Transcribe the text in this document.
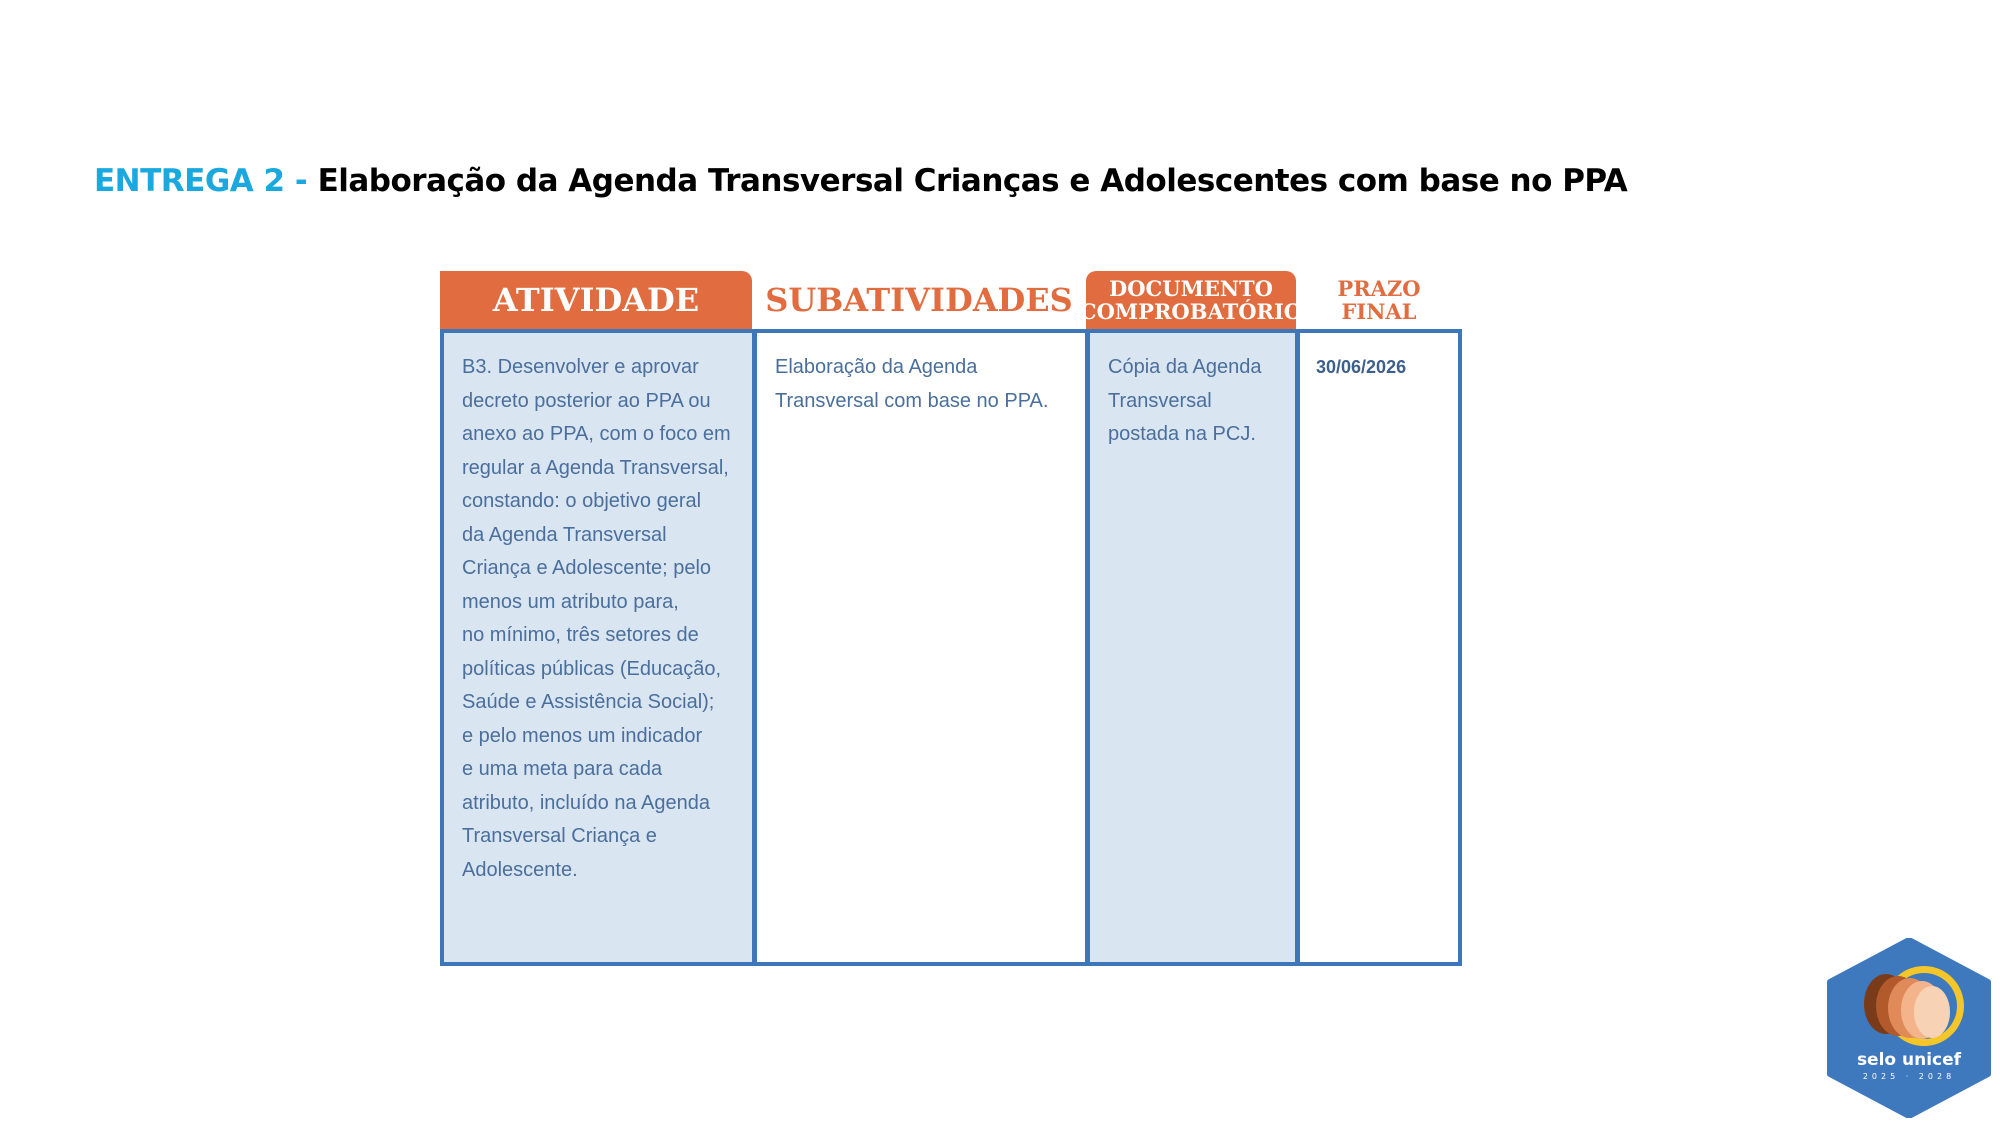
ENTREGA 2 - Elaboração da Agenda Transversal Crianças e Adolescentes com base no PPA
ATIVIDADE	SUBATIVIDADES	DOCUMENTO
COMPROBATÓRIO
PRAZO
FINAL
B3. Desenvolver e aprovar
decreto posterior ao PPA ou
anexo ao PPA, com o foco em
regular a Agenda Transversal,
constando: o objetivo geral
da Agenda Transversal
Criança e Adolescente; pelo
menos um atributo para,
no mínimo, três setores de
políticas públicas (Educação,
Saúde e Assistência Social);
e pelo menos um indicador
e uma meta para cada
atributo, incluído na Agenda
Transversal Criança e
Adolescente.
Elaboração da Agenda
Transversal com base no PPA.
Cópia da Agenda
Transversal
postada na PCJ.
30/06/2026
selo unicef
2025 · 2028
